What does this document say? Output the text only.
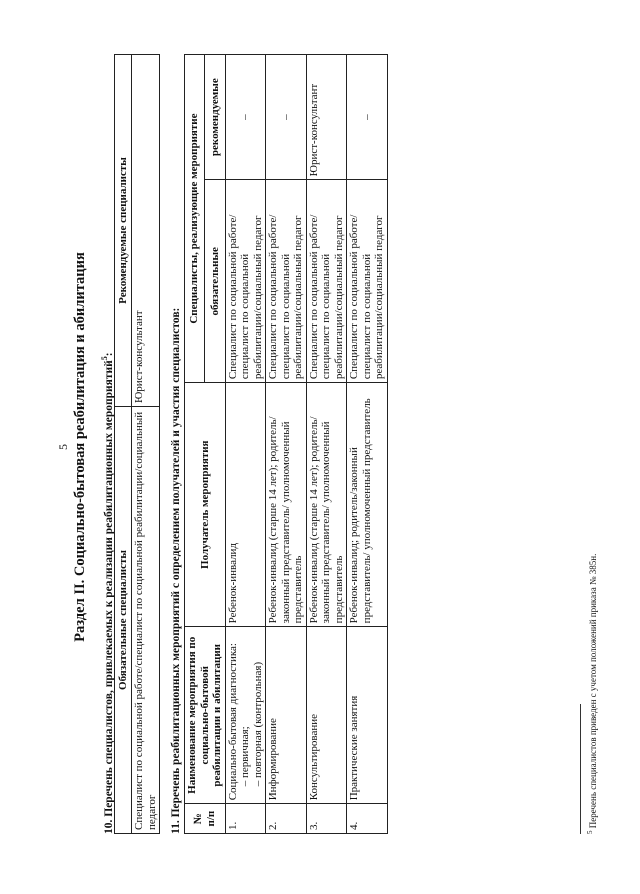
5 Раздел II. Социально-бытовая реабилитация и абилитация 10. Перечень специалистов, привлекаемых к реализации реабилитационных мероприятий$^5$:
Обязательные специалисты	Рекомендуемые специалисты
Специалист по социальной работе/специалист по социальной реабилитации/социальный педагог	Юрист-консультант 11. Перечень реабилитационных мероприятий с определением получателей и участия специалистов: № п/п	Наименование мероприятия по социально-бытовой реабилитации и абилитации	Получатель мероприятия	Специалисты, реализующие мероприятие	
			обязательные	рекомендуемые
1.	Социально-бытовая диагностика: – первичная; – повторная (контрольная)	Ребенок-инвалид	Специалист по социальной работе/специалист по социальной реабилитации/социальный педагог	–
2.	Информирование	Ребенок-инвалид (старше 14 лет); родитель/законный представитель/ уполномоченный представитель	Специалист по социальной работе/специалист по социальной реабилитации/социальный педагог	–
3.	Консультирование	Ребенок-инвалид (старше 14 лет); родитель/законный представитель/ уполномоченный представитель	Специалист по социальной работе/специалист по социальной реабилитации/социальный педагог	Юрист-консультант
4.	Практические занятия	Ребенок-инвалид; родитель/законный представитель/ уполномоченный представитель	Специалист по социальной работе/специалист по социальной реабилитации/социальный педагог	–
$^5$ Перечень специалистов приведен с учетом положений приказа № 385н.
